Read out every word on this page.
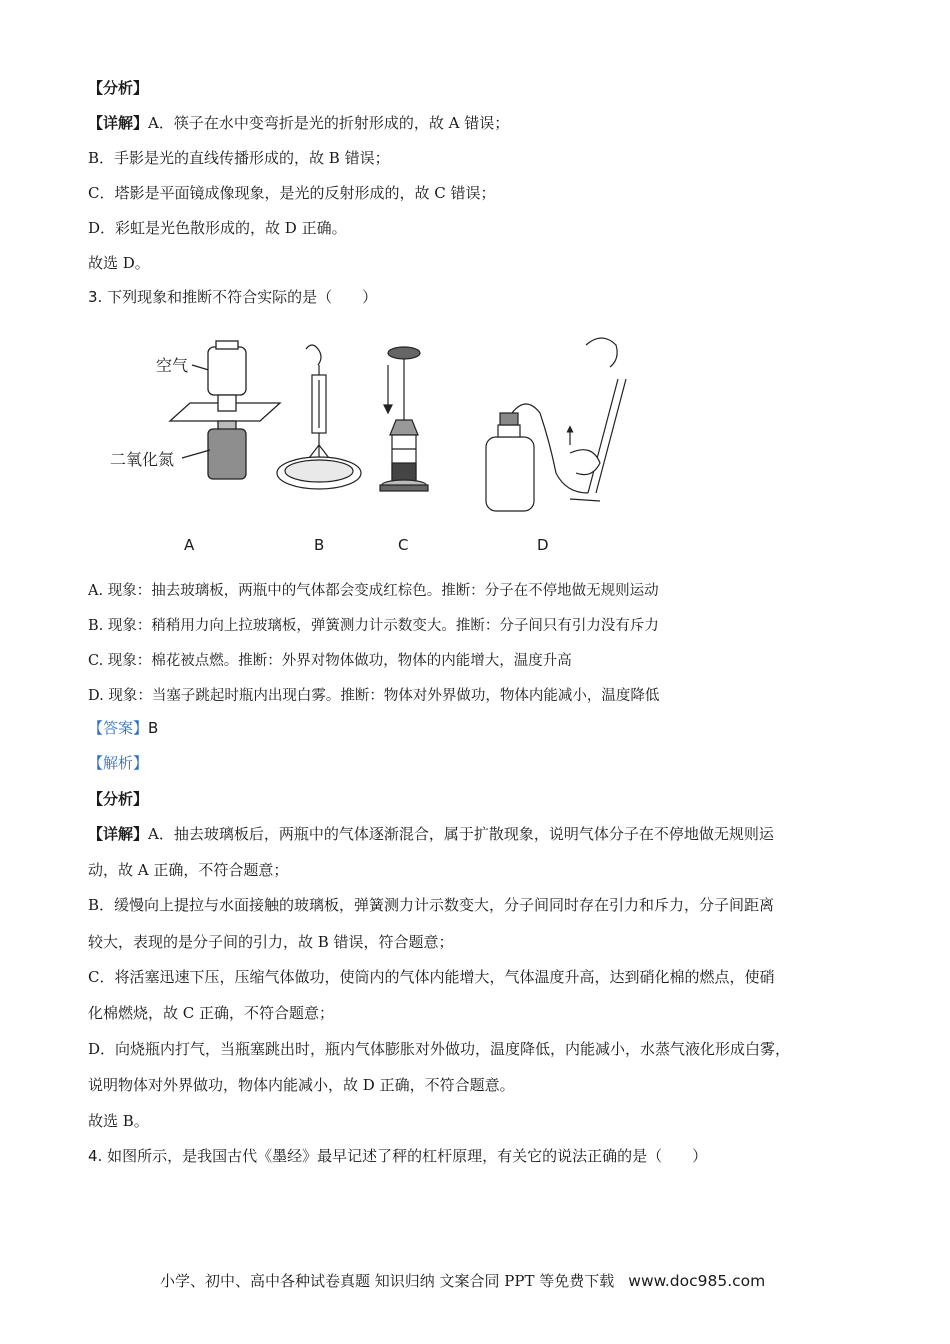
【分析】
【详解】A．筷子在水中变弯折是光的折射形成的，故 A 错误；
B．手影是光的直线传播形成的，故 B 错误；
C．塔影是平面镜成像现象，是光的反射形成的，故 C 错误；
D．彩虹是光色散形成的，故 D 正确。
故选 D。
3. 下列现象和推断不符合实际的是（　　）
空气
二氧化氮
A	B	C	D
A. 现象：抽去玻璃板，两瓶中的气体都会变成红棕色。推断：分子在不停地做无规则运动
B. 现象：稍稍用力向上拉玻璃板，弹簧测力计示数变大。推断：分子间只有引力没有斥力
C. 现象：棉花被点燃。推断：外界对物体做功，物体的内能增大，温度升高
D. 现象：当塞子跳起时瓶内出现白雾。推断：物体对外界做功，物体内能减小，温度降低
【答案】B
【解析】
【分析】
【详解】A．抽去玻璃板后，两瓶中的气体逐渐混合，属于扩散现象，说明气体分子在不停地做无规则运
动，故 A 正确，不符合题意；
B．缓慢向上提拉与水面接触的玻璃板，弹簧测力计示数变大，分子间同时存在引力和斥力，分子间距离
较大，表现的是分子间的引力，故 B 错误，符合题意；
C．将活塞迅速下压，压缩气体做功，使筒内的气体内能增大，气体温度升高，达到硝化棉的燃点，使硝
化棉燃烧，故 C 正确，不符合题意；
D．向烧瓶内打气，当瓶塞跳出时，瓶内气体膨胀对外做功，温度降低，内能减小，水蒸气液化形成白雾，
说明物体对外界做功，物体内能减小，故 D 正确，不符合题意。
故选 B。
4. 如图所示，是我国古代《墨经》最早记述了秤的杠杆原理，有关它的说法正确的是（　　）
小学、初中、高中各种试卷真题 知识归纳 文案合同 PPT 等免费下载 www.doc985.com
